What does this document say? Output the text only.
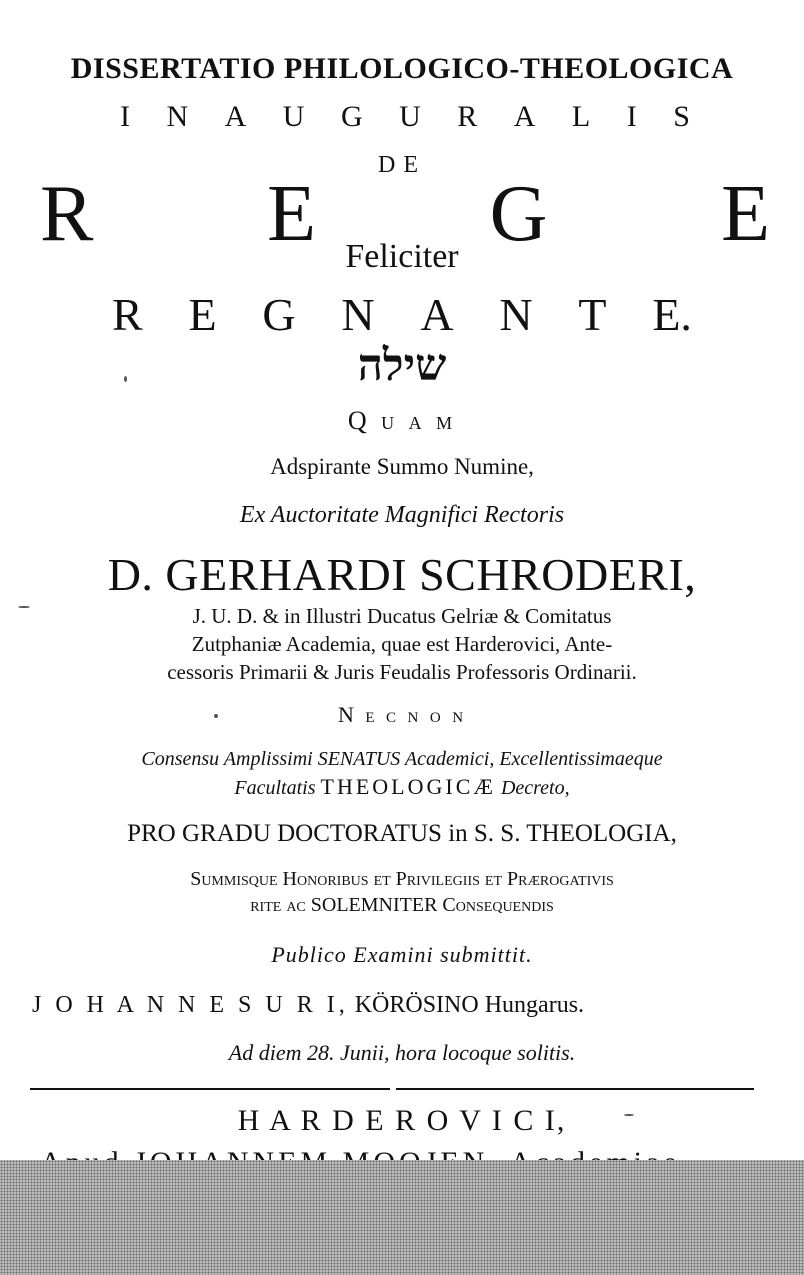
DISSERTATIO PHILOLOGICO-THEOLOGICA
I N A U G U R A L I S
DE
R E G E
Feliciter
R E G N A N T E.
שילה
Q u a m
Adspirante Summo Numine,
Ex Auctoritate Magnifici Rectoris
D. GERHARDI SCHRODERI,
J. U. D. & in Illustri Ducatus Gelriæ & Comitatus
Zutphaniæ Academia, quae est Harderovici, Ante-
cessoris Primarii & Juris Feudalis Professoris Ordinarii.
N e c n o n
Consensu Amplissimi SENATUS Academici, Excellentissimaeque
Facultatis THEOLOGICÆ Decreto,
PRO GRADU DOCTORATUS in S. S. THEOLOGIA,
Summisque Honoribus et Privilegiis et Prærogativis
rite ac SOLEMNITER Consequendis
Publico Examini submittit.
J O H A N N E S U R I, KÖRÖSINO Hungarus.
Ad diem 28. Junii, hora locoque solitis.
H A R D E R O V I C I,
